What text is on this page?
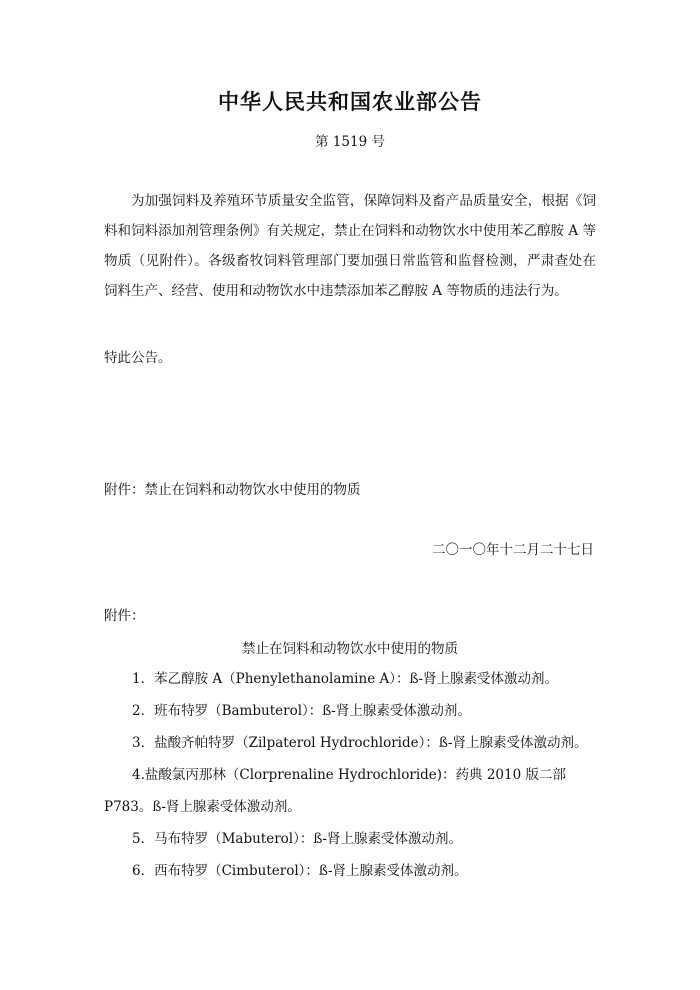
中华人民共和国农业部公告
第 1519 号

为加强饲料及养殖环节质量安全监管，保障饲料及畜产品质量安全，根据《饲料和饲料添加剂管理条例》有关规定，禁止在饲料和动物饮水中使用苯乙醇胺 A 等物质（见附件）。各级畜牧饲料管理部门要加强日常监管和监督检测，严肃查处在饲料生产、经营、使用和动物饮水中违禁添加苯乙醇胺 A 等物质的违法行为。

特此公告。
附件：禁止在饲料和动物饮水中使用的物质
二〇一〇年十二月二十七日
附件：
禁止在饲料和动物饮水中使用的物质
1．苯乙醇胺 A（Phenylethanolamine A）：ß-肾上腺素受体激动剂。
2．班布特罗（Bambuterol）：ß-肾上腺素受体激动剂。
3．盐酸齐帕特罗（Zilpaterol Hydrochloride）：ß-肾上腺素受体激动剂。
4.盐酸氯丙那林（Clorprenaline Hydrochloride)：药典 2010 版二部 P783。ß-肾上腺素受体激动剂。
5．马布特罗（Mabuterol）：ß-肾上腺素受体激动剂。
6．西布特罗（Cimbuterol）：ß-肾上腺素受体激动剂。
